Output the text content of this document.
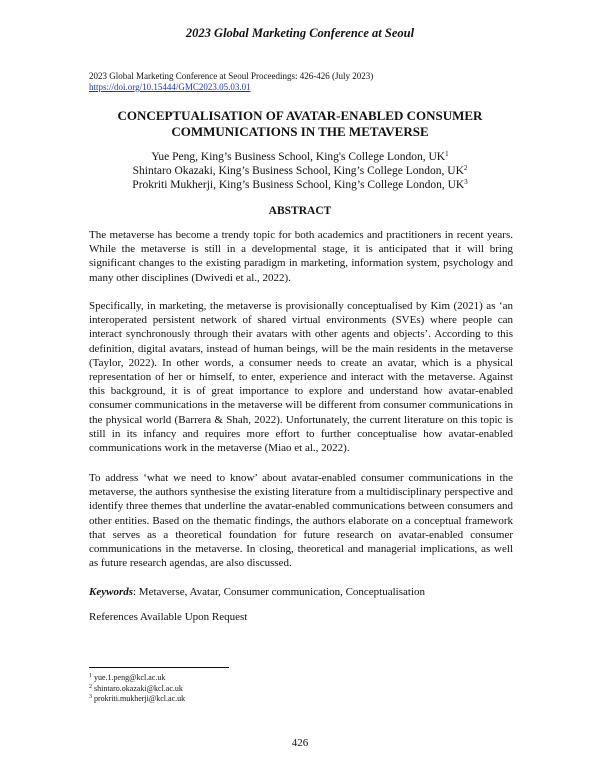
2023 Global Marketing Conference at Seoul
2023 Global Marketing Conference at Seoul Proceedings: 426-426 (July 2023)
https://doi.org/10.15444/GMC2023.05.03.01
CONCEPTUALISATION OF AVATAR-ENABLED CONSUMER
COMMUNICATIONS IN THE METAVERSE
Yue Peng, King’s Business School, King's College London, $UK^1$
Shintaro Okazaki, King’s Business School, King’s College London, $UK^2$
Prokriti Mukherji, King’s Business School, King’s College London, $UK^3$
ABSTRACT

The metaverse has become a trendy topic for both academics and practitioners in recent years. While the metaverse is still in a developmental stage, it is anticipated that it will bring significant changes to the existing paradigm in marketing, information system, psychology and many other disciplines (Dwivedi et al., 2022).

Specifically, in marketing, the metaverse is provisionally conceptualised by Kim (2021) as ‘an interoperated persistent network of shared virtual environments (SVEs) where people can interact synchronously through their avatars with other agents and objects’. According to this definition, digital avatars, instead of human beings, will be the main residents in the metaverse (Taylor, 2022). In other words, a consumer needs to create an avatar, which is a physical representation of her or himself, to enter, experience and interact with the metaverse. Against this background, it is of great importance to explore and understand how avatar-enabled consumer communications in the metaverse will be different from consumer communications in the physical world (Barrera & Shah, 2022). Unfortunately, the current literature on this topic is still in its infancy and requires more effort to further conceptualise how avatar-enabled communications work in the metaverse (Miao et al., 2022).

To address ‘what we need to know’ about avatar-enabled consumer communications in the metaverse, the authors synthesise the existing literature from a multidisciplinary perspective and identify three themes that underline the avatar-enabled communications between consumers and other entities. Based on the thematic findings, the authors elaborate on a conceptual framework that serves as a theoretical foundation for future research on avatar-enabled consumer communications in the metaverse. In closing, theoretical and managerial implications, as well as future research agendas, are also discussed.

Keywords: Metaverse, Avatar, Consumer communication, Conceptualisation
References Available Upon Request
$^1$ yue.1.peng@kcl.ac.uk
$^2$ shintaro.okazaki@kcl.ac.uk
$^3$ prokriti.mukherji@kcl.ac.uk
426
